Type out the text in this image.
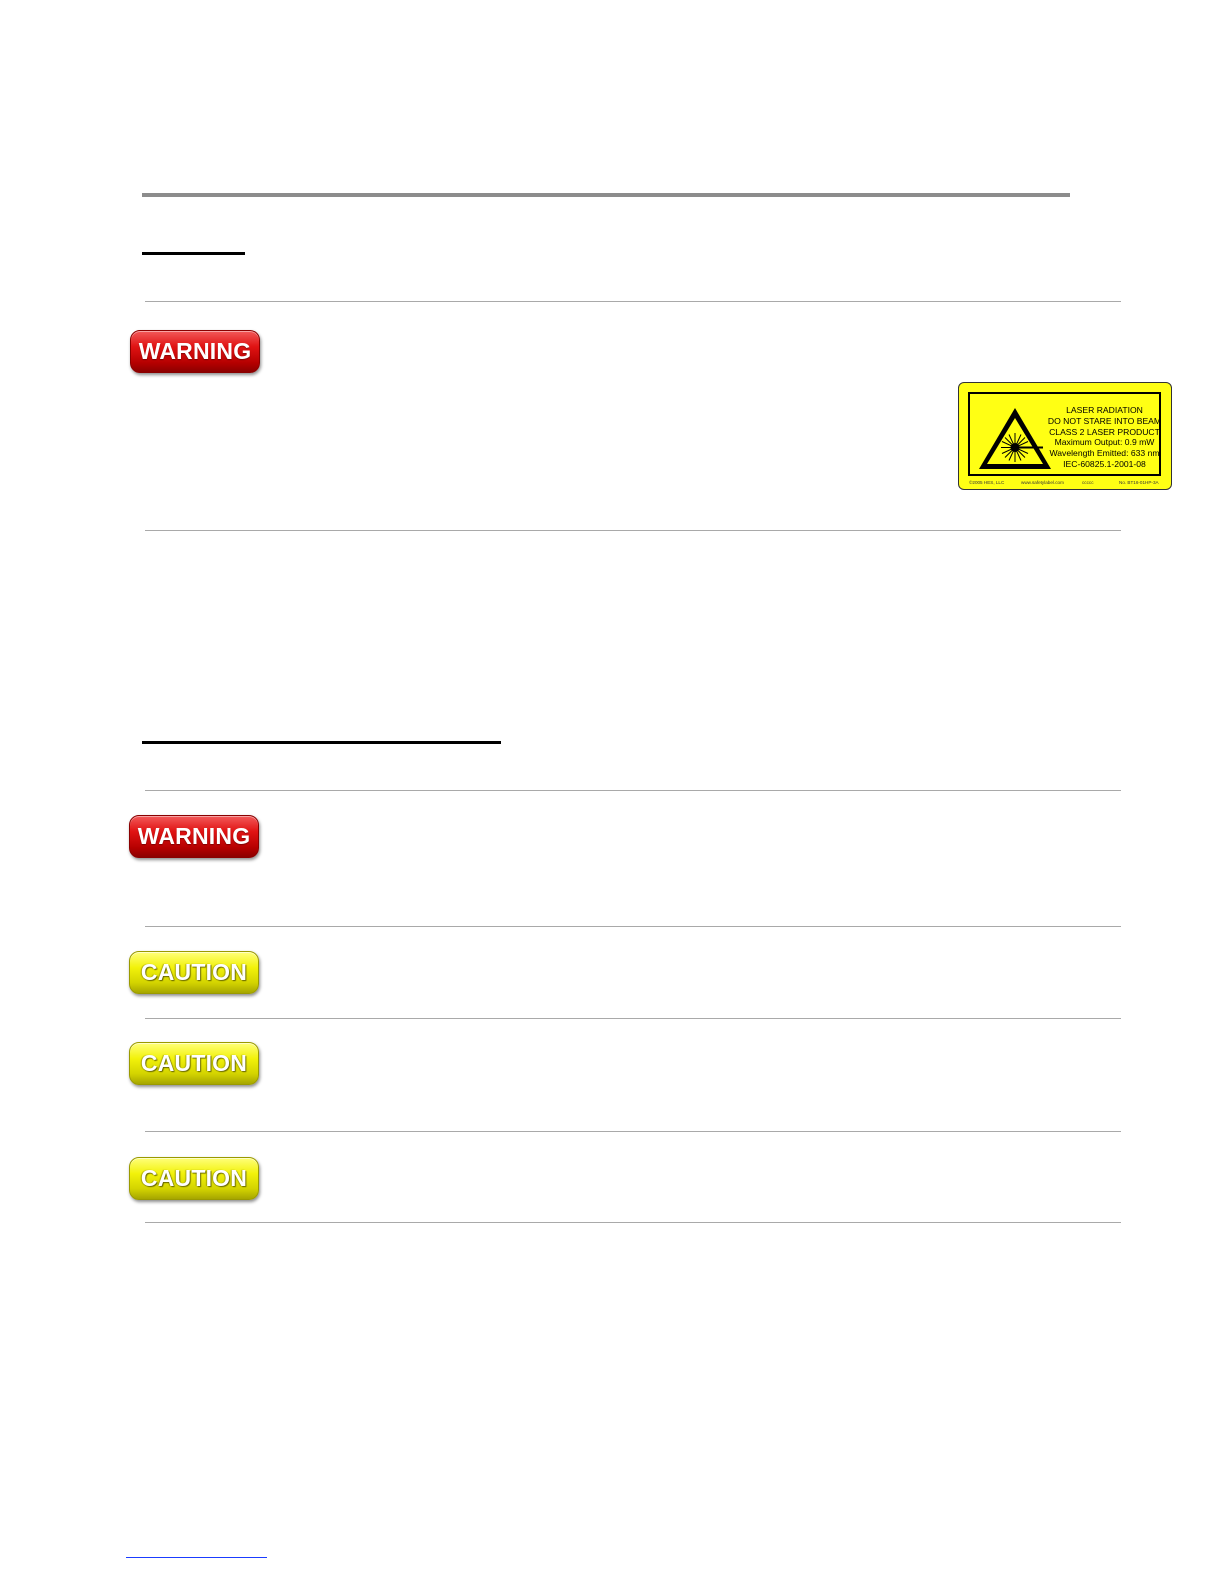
WARNING
LASER RADIATION
DO NOT STARE INTO BEAM
CLASS 2 LASER PRODUCT
Maximum Output: 0.9 mW
Wavelength Emitted: 633 nm
IEC-60825.1-2001-08
©2005 HES, LLC	www.safetylabel.com	ccccc	No. BT16-01HP-3A
WARNING
CAUTION
CAUTION
CAUTION
